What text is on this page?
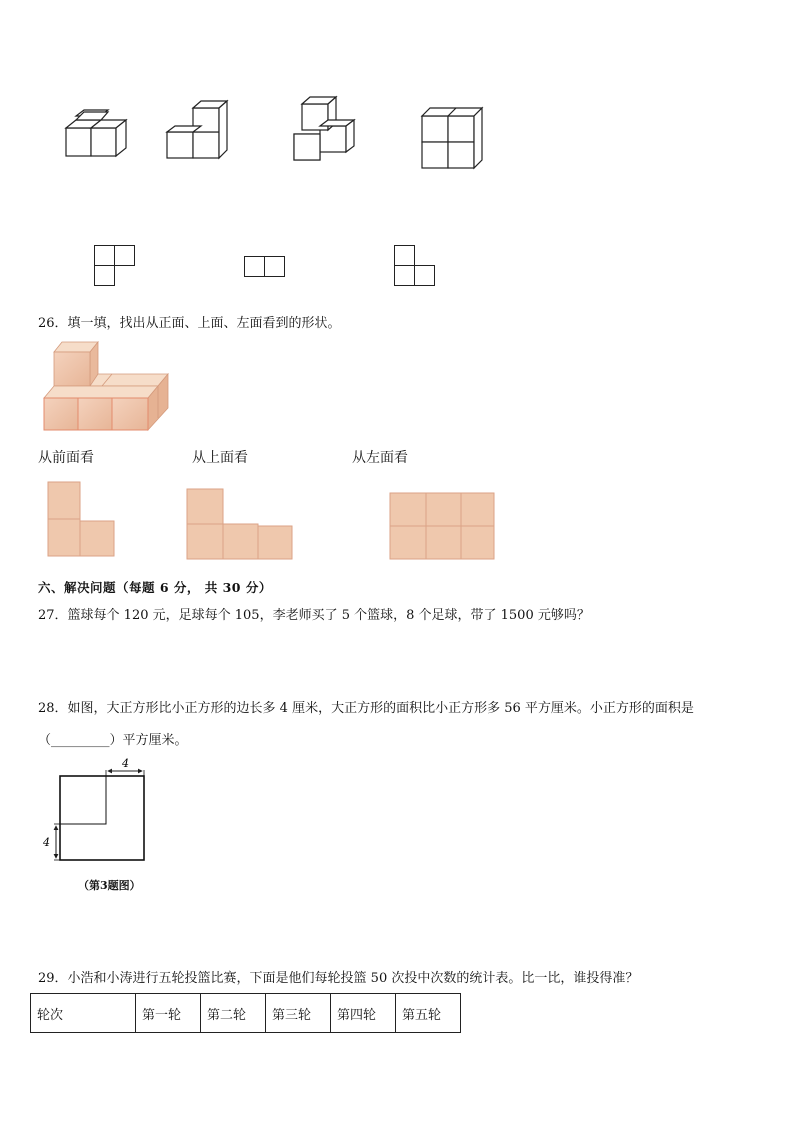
26．填一填，找出从正面、上面、左面看到的形状。
从前面看	从上面看	从左面看
六、解决问题（每题 6 分， 共 30 分）
27．篮球每个 120 元，足球每个 105，李老师买了 5 个篮球，8 个足球，带了 1500 元够吗？
28．如图，大正方形比小正方形的边长多 4 厘米，大正方形的面积比小正方形多 56 平方厘米。小正方形的面积是
（_________）平方厘米。
4
4
（第3题图）
29．小浩和小涛进行五轮投篮比赛，下面是他们每轮投篮 50 次投中次数的统计表。比一比，谁投得准？
轮次	第一轮	第二轮	第三轮	第四轮	第五轮
